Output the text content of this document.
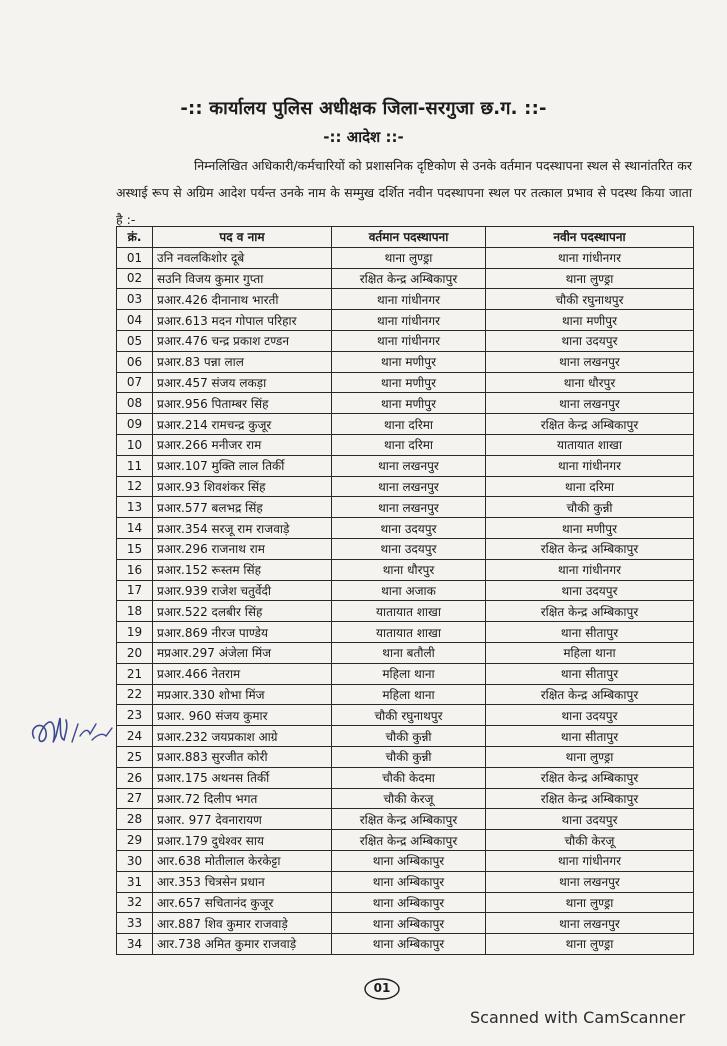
-:: कार्यालय पुलिस अधीक्षक जिला-सरगुजा छ.ग. ::-
-:: आदेश ::-
निम्नलिखित अधिकारी/कर्मचारियों को प्रशासनिक दृष्टिकोण से उनके वर्तमान पदस्थापना स्थल से स्थानांतरित कर अस्थाई रूप से अग्रिम आदेश पर्यन्त उनके नाम के सम्मुख दर्शित नवीन पदस्थापना स्थल पर तत्काल प्रभाव से पदस्थ किया जाता है :-
क्रं.	पद व नाम	वर्तमान पदस्थापना	नवीन पदस्थापना
01	उनि नवलकिशोर दूबे	थाना लुण्ड्रा	थाना गांधीनगर
02	सउनि विजय कुमार गुप्ता	रक्षित केन्द्र अम्बिकापुर	थाना लुण्ड्रा
03	प्रआर.426 दीनानाथ भारती	थाना गांधीनगर	चौकी रघुनाथपुर
04	प्रआर.613 मदन गोपाल परिहार	थाना गांधीनगर	थाना मणीपुर
05	प्रआर.476 चन्द्र प्रकाश टण्डन	थाना गांधीनगर	थाना उदयपुर
06	प्रआर.83 पन्ना लाल	थाना मणीपुर	थाना लखनपुर
07	प्रआर.457 संजय लकड़ा	थाना मणीपुर	थाना धौरपुर
08	प्रआर.956 पिताम्बर सिंह	थाना मणीपुर	थाना लखनपुर
09	प्रआर.214 रामचन्द्र कुजूर	थाना दरिमा	रक्षित केन्द्र अम्बिकापुर
10	प्रआर.266 मनीजर राम	थाना दरिमा	यातायात शाखा
11	प्रआर.107 मुक्ति लाल तिर्की	थाना लखनपुर	थाना गांधीनगर
12	प्रआर.93 शिवशंकर सिंह	थाना लखनपुर	थाना दरिमा
13	प्रआर.577 बलभद्र सिंह	थाना लखनपुर	चौकी कुन्नी
14	प्रआर.354 सरजू राम राजवाड़े	थाना उदयपुर	थाना मणीपुर
15	प्रआर.296 राजनाथ राम	थाना उदयपुर	रक्षित केन्द्र अम्बिकापुर
16	प्रआर.152 रूस्तम सिंह	थाना धौरपुर	थाना गांधीनगर
17	प्रआर.939 राजेश चतुर्वेदी	थाना अजाक	थाना उदयपुर
18	प्रआर.522 दलबीर सिंह	यातायात शाखा	रक्षित केन्द्र अम्बिकापुर
19	प्रआर.869 नीरज पाण्डेय	यातायात शाखा	थाना सीतापुर
20	मप्रआर.297 अंजेला मिंज	थाना बतौली	महिला थाना
21	प्रआर.466 नेतराम	महिला थाना	थाना सीतापुर
22	मप्रआर.330 शोभा मिंज	महिला थाना	रक्षित केन्द्र अम्बिकापुर
23	प्रआर. 960 संजय कुमार	चौकी रघुनाथपुर	थाना उदयपुर
24	प्रआर.232 जयप्रकाश आग्रे	चौकी कुन्नी	थाना सीतापुर
25	प्रआर.883 सुरजीत कोरी	चौकी कुन्नी	थाना लुण्ड्रा
26	प्रआर.175 अथनस तिर्की	चौकी केदमा	रक्षित केन्द्र अम्बिकापुर
27	प्रआर.72 दिलीप भगत	चौकी केरजू	रक्षित केन्द्र अम्बिकापुर
28	प्रआर. 977 देवनारायण	रक्षित केन्द्र अम्बिकापुर	थाना उदयपुर
29	प्रआर.179 दुधेश्वर साय	रक्षित केन्द्र अम्बिकापुर	चौकी केरजू
30	आर.638 मोतीलाल केरकेट्टा	थाना अम्बिकापुर	थाना गांधीनगर
31	आर.353 चित्रसेन प्रधान	थाना अम्बिकापुर	थाना लखनपुर
32	आर.657 सचितानंद कुजूर	थाना अम्बिकापुर	थाना लुण्ड्रा
33	आर.887 शिव कुमार राजवाड़े	थाना अम्बिकापुर	थाना लखनपुर
34	आर.738 अमित कुमार राजवाड़े	थाना अम्बिकापुर	थाना लुण्ड्रा
01
Scanned with CamScanner
